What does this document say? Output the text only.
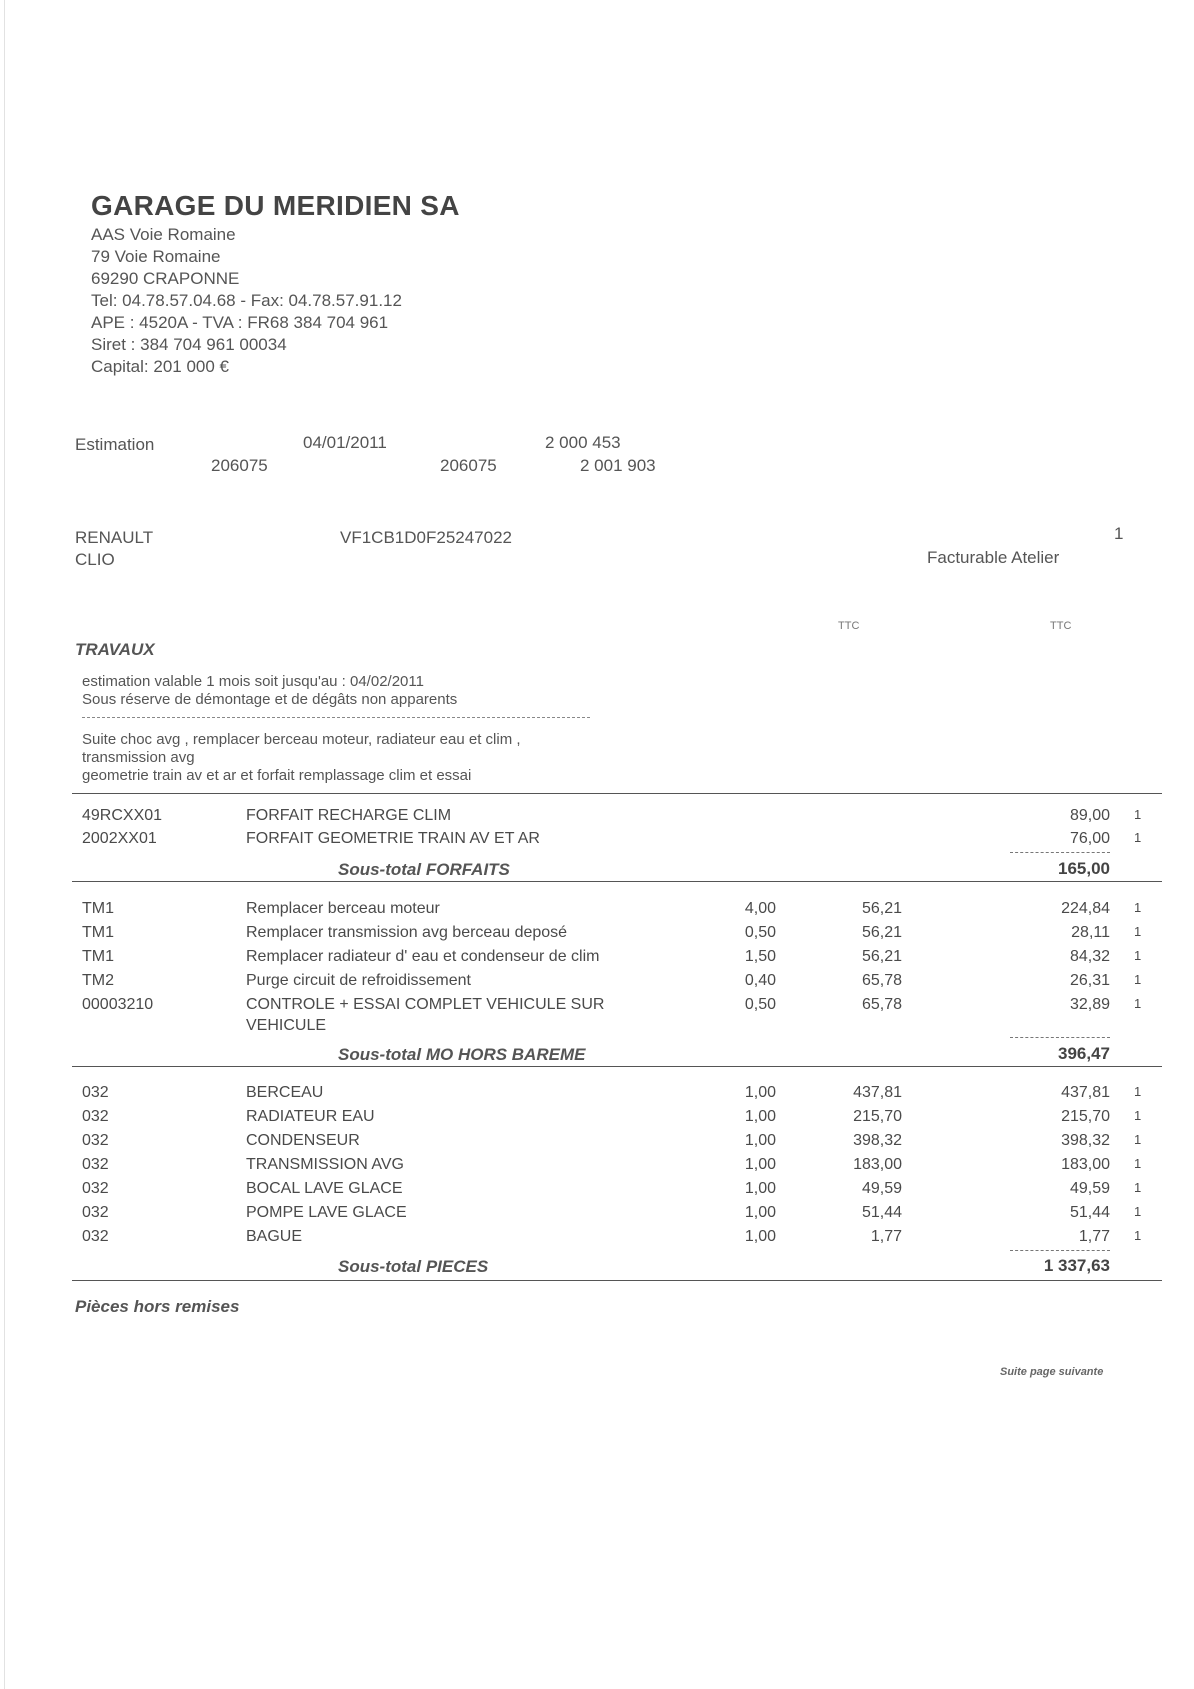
GARAGE DU MERIDIEN SA
AAS Voie Romaine
79 Voie Romaine
69290 CRAPONNE
Tel: 04.78.57.04.68 - Fax: 04.78.57.91.12
APE : 4520A - TVA : FR68 384 704 961
Siret : 384 704 961 00034
Capital: 201 000 €
Estimation	04/01/2011	2 000 453
206075	206075	2 001 903
RENAULT
CLIO
VF1CB1D0F25247022	1
Facturable Atelier
TTC	TTC
TRAVAUX
estimation valable 1 mois soit jusqu'au : 04/02/2011
Sous réserve de démontage et de dégâts non apparents
Suite choc avg , remplacer berceau moteur, radiateur eau et clim ,
transmission avg
geometrie train av et ar et forfait remplassage clim et essai
49RCXX01	FORFAIT RECHARGE CLIM	89,00 1
2002XX01	FORFAIT GEOMETRIE TRAIN AV ET AR	76,00 1
Sous-total FORFAITS	165,00
TM1	Remplacer berceau moteur	4,00	56,21	224,84 1
TM1	Remplacer transmission avg berceau deposé	0,50	56,21	28,11 1
TM1	Remplacer radiateur d' eau et condenseur de clim	1,50	56,21	84,32 1
TM2	Purge circuit de refroidissement	0,40	65,78	26,31 1
00003210	CONTROLE + ESSAI COMPLET VEHICULE SUR	0,50	65,78	32,89 1
VEHICULE
Sous-total MO HORS BAREME	396,47
032	BERCEAU	1,00	437,81	437,81 1
032	RADIATEUR EAU	1,00	215,70	215,70 1
032	CONDENSEUR	1,00	398,32	398,32 1
032	TRANSMISSION AVG	1,00	183,00	183,00 1
032	BOCAL LAVE GLACE	1,00	49,59	49,59 1
032	POMPE LAVE GLACE	1,00	51,44	51,44 1
032	BAGUE	1,00	1,77	1,77 1
Sous-total PIECES	1 337,63
Pièces hors remises
Suite page suivante
